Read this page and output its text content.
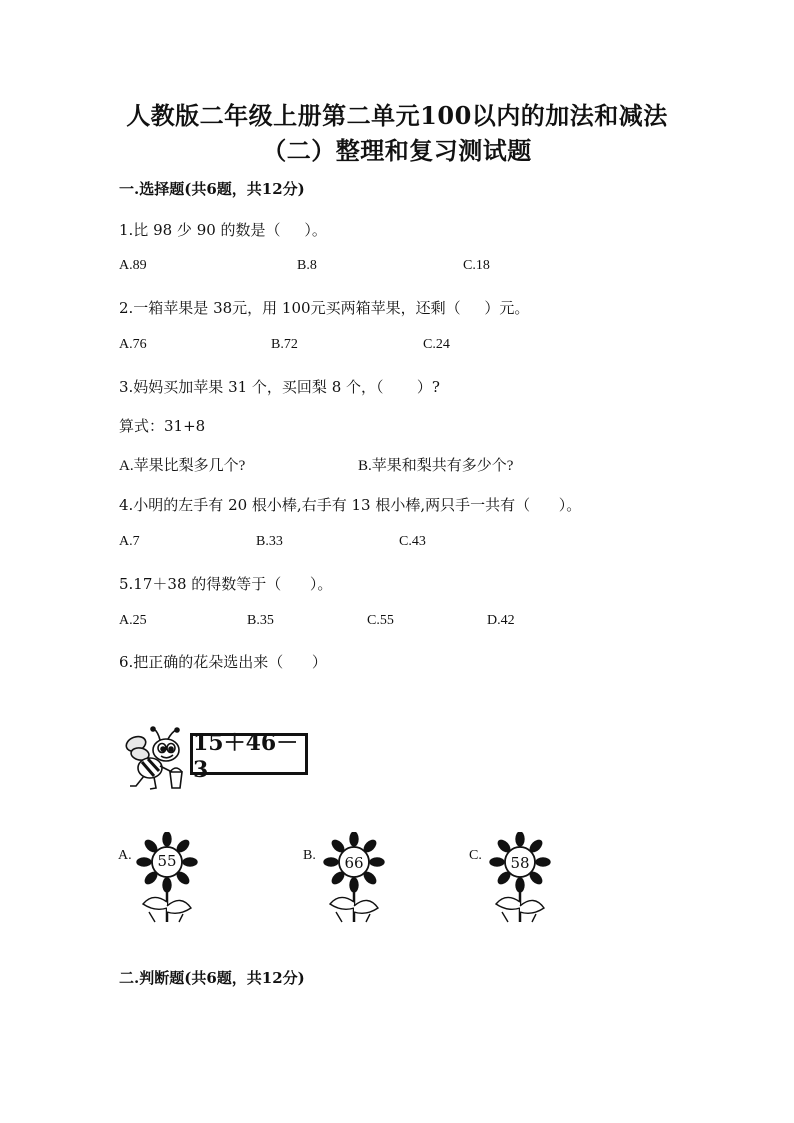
人教版二年级上册第二单元100以内的加法和减法
（二）整理和复习测试题
一.选择题(共6题，共12分)
1.比 98 少 90 的数是（     ）。
A.89	B.8	C.18
2.一箱苹果是 38元，用 100元买两箱苹果，还剩（     ）元。
A.76	B.72	C.24
3.妈妈买加苹果 31 个，买回梨 8 个，（       ）?
算式：31+8
A.苹果比梨多几个?	B.苹果和梨共有多少个?
4.小明的左手有 20 根小棒,右手有 13 根小棒,两只手一共有（      ）。
A.7	B.33	C.43
5.17＋38 的得数等于（      ）。
A.25	B.35	C.55	D.42
6.把正确的花朵选出来（      ）
15＋46－3
A.	55	B.	66	C.	58
二.判断题(共6题，共12分)
